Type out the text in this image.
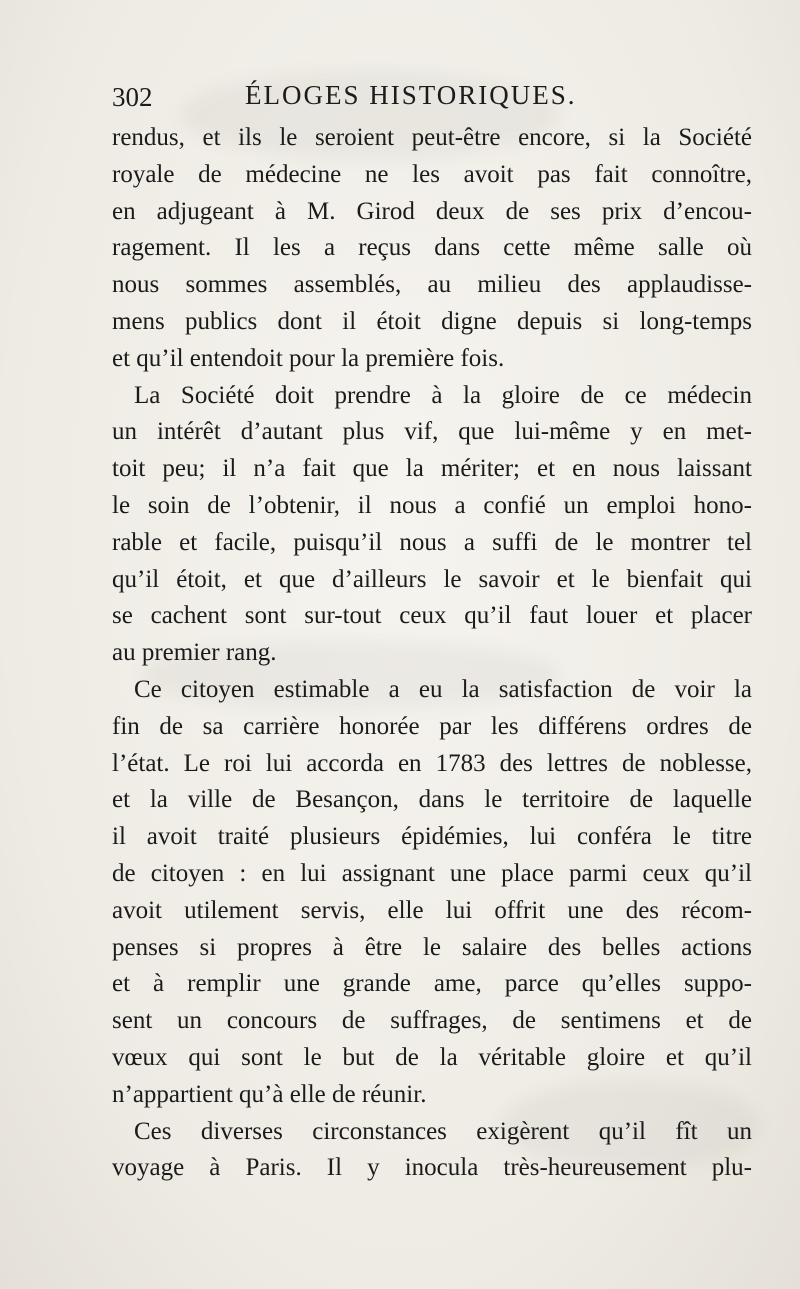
302	ÉLOGES HISTORIQUES.

rendus, et ils le seroient peut-être encore, si la Société
royale de médecine ne les avoit pas fait connoître,
en adjugeant à M. Girod deux de ses prix d’encou-
ragement. Il les a reçus dans cette même salle où
nous sommes assemblés, au milieu des applaudisse-
mens publics dont il étoit digne depuis si long-temps
et qu’il entendoit pour la première fois.

La Société doit prendre à la gloire de ce médecin
un intérêt d’autant plus vif, que lui-même y en met-
toit peu; il n’a fait que la mériter; et en nous laissant
le soin de l’obtenir, il nous a confié un emploi hono-
rable et facile, puisqu’il nous a suffi de le montrer tel
qu’il étoit, et que d’ailleurs le savoir et le bienfait qui
se cachent sont sur-tout ceux qu’il faut louer et placer
au premier rang.

Ce citoyen estimable a eu la satisfaction de voir la
fin de sa carrière honorée par les différens ordres de
l’état. Le roi lui accorda en 1783 des lettres de noblesse,
et la ville de Besançon, dans le territoire de laquelle
il avoit traité plusieurs épidémies, lui conféra le titre
de citoyen : en lui assignant une place parmi ceux qu’il
avoit utilement servis, elle lui offrit une des récom-
penses si propres à être le salaire des belles actions
et à remplir une grande ame, parce qu’elles suppo-
sent un concours de suffrages, de sentimens et de
vœux qui sont le but de la véritable gloire et qu’il
n’appartient qu’à elle de réunir.

Ces diverses circonstances exigèrent qu’il fît un
voyage à Paris. Il y inocula très-heureusement plu-
